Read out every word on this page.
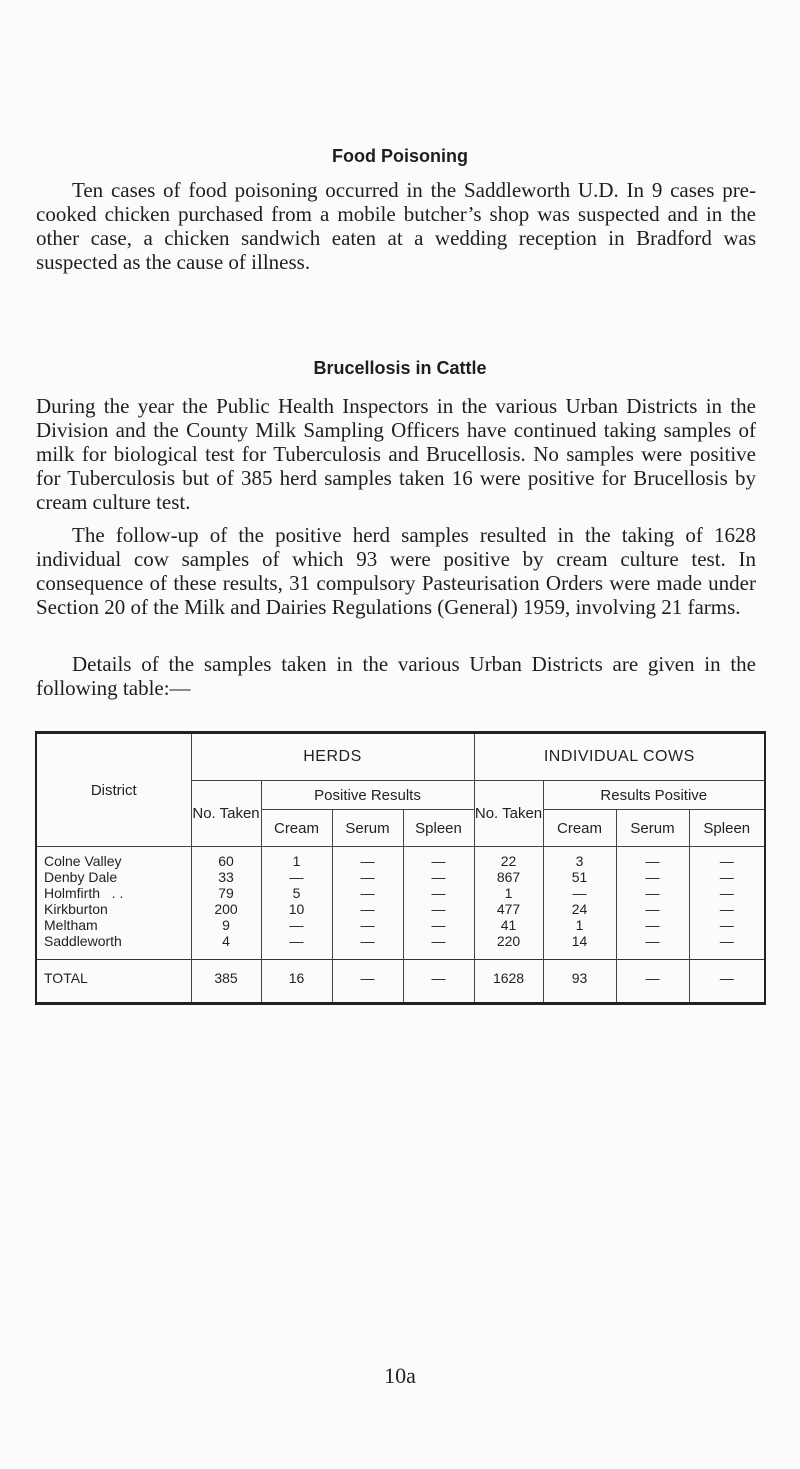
Food Poisoning

Ten cases of food poisoning occurred in the Saddleworth U.D. In 9 cases pre-cooked chicken purchased from a mobile butcher’s shop was suspected and in the other case, a chicken sandwich eaten at a wedding reception in Bradford was suspected as the cause of illness.

Brucellosis in Cattle

During the year the Public Health Inspectors in the various Urban Districts in the Division and the County Milk Sampling Officers have continued taking samples of milk for biological test for Tuberculosis and Brucellosis. No samples were positive for Tuberculosis but of 385 herd samples taken 16 were positive for Brucellosis by cream culture test.

The follow-up of the positive herd samples resulted in the taking of 1628 individual cow samples of which 93 were positive by cream culture test. In consequence of these results, 31 compulsory Pasteurisation Orders were made under Section 20 of the Milk and Dairies Regulations (General) 1959, involving 21 farms.

Details of the samples taken in the various Urban Districts are given in the following table:—

District	HERDS				INDIVIDUAL COWS			
	No. Taken	Positive Results			No. Taken	Results Positive		
		Cream	Serum	Spleen		Cream	Serum	Spleen
Colne Valley	60	1	—	—	22	3	—	—
Denby Dale	33	—	—	—	867	51	—	—
Holmfirth   . .	79	5	—	—	1	—	—	—
Kirkburton	200	10	—	—	477	24	—	—
Meltham	9	—	—	—	41	1	—	—
Saddleworth	4	—	—	—	220	14	—	—
TOTAL	385	16	—	—	1628	93	—	—
10a
